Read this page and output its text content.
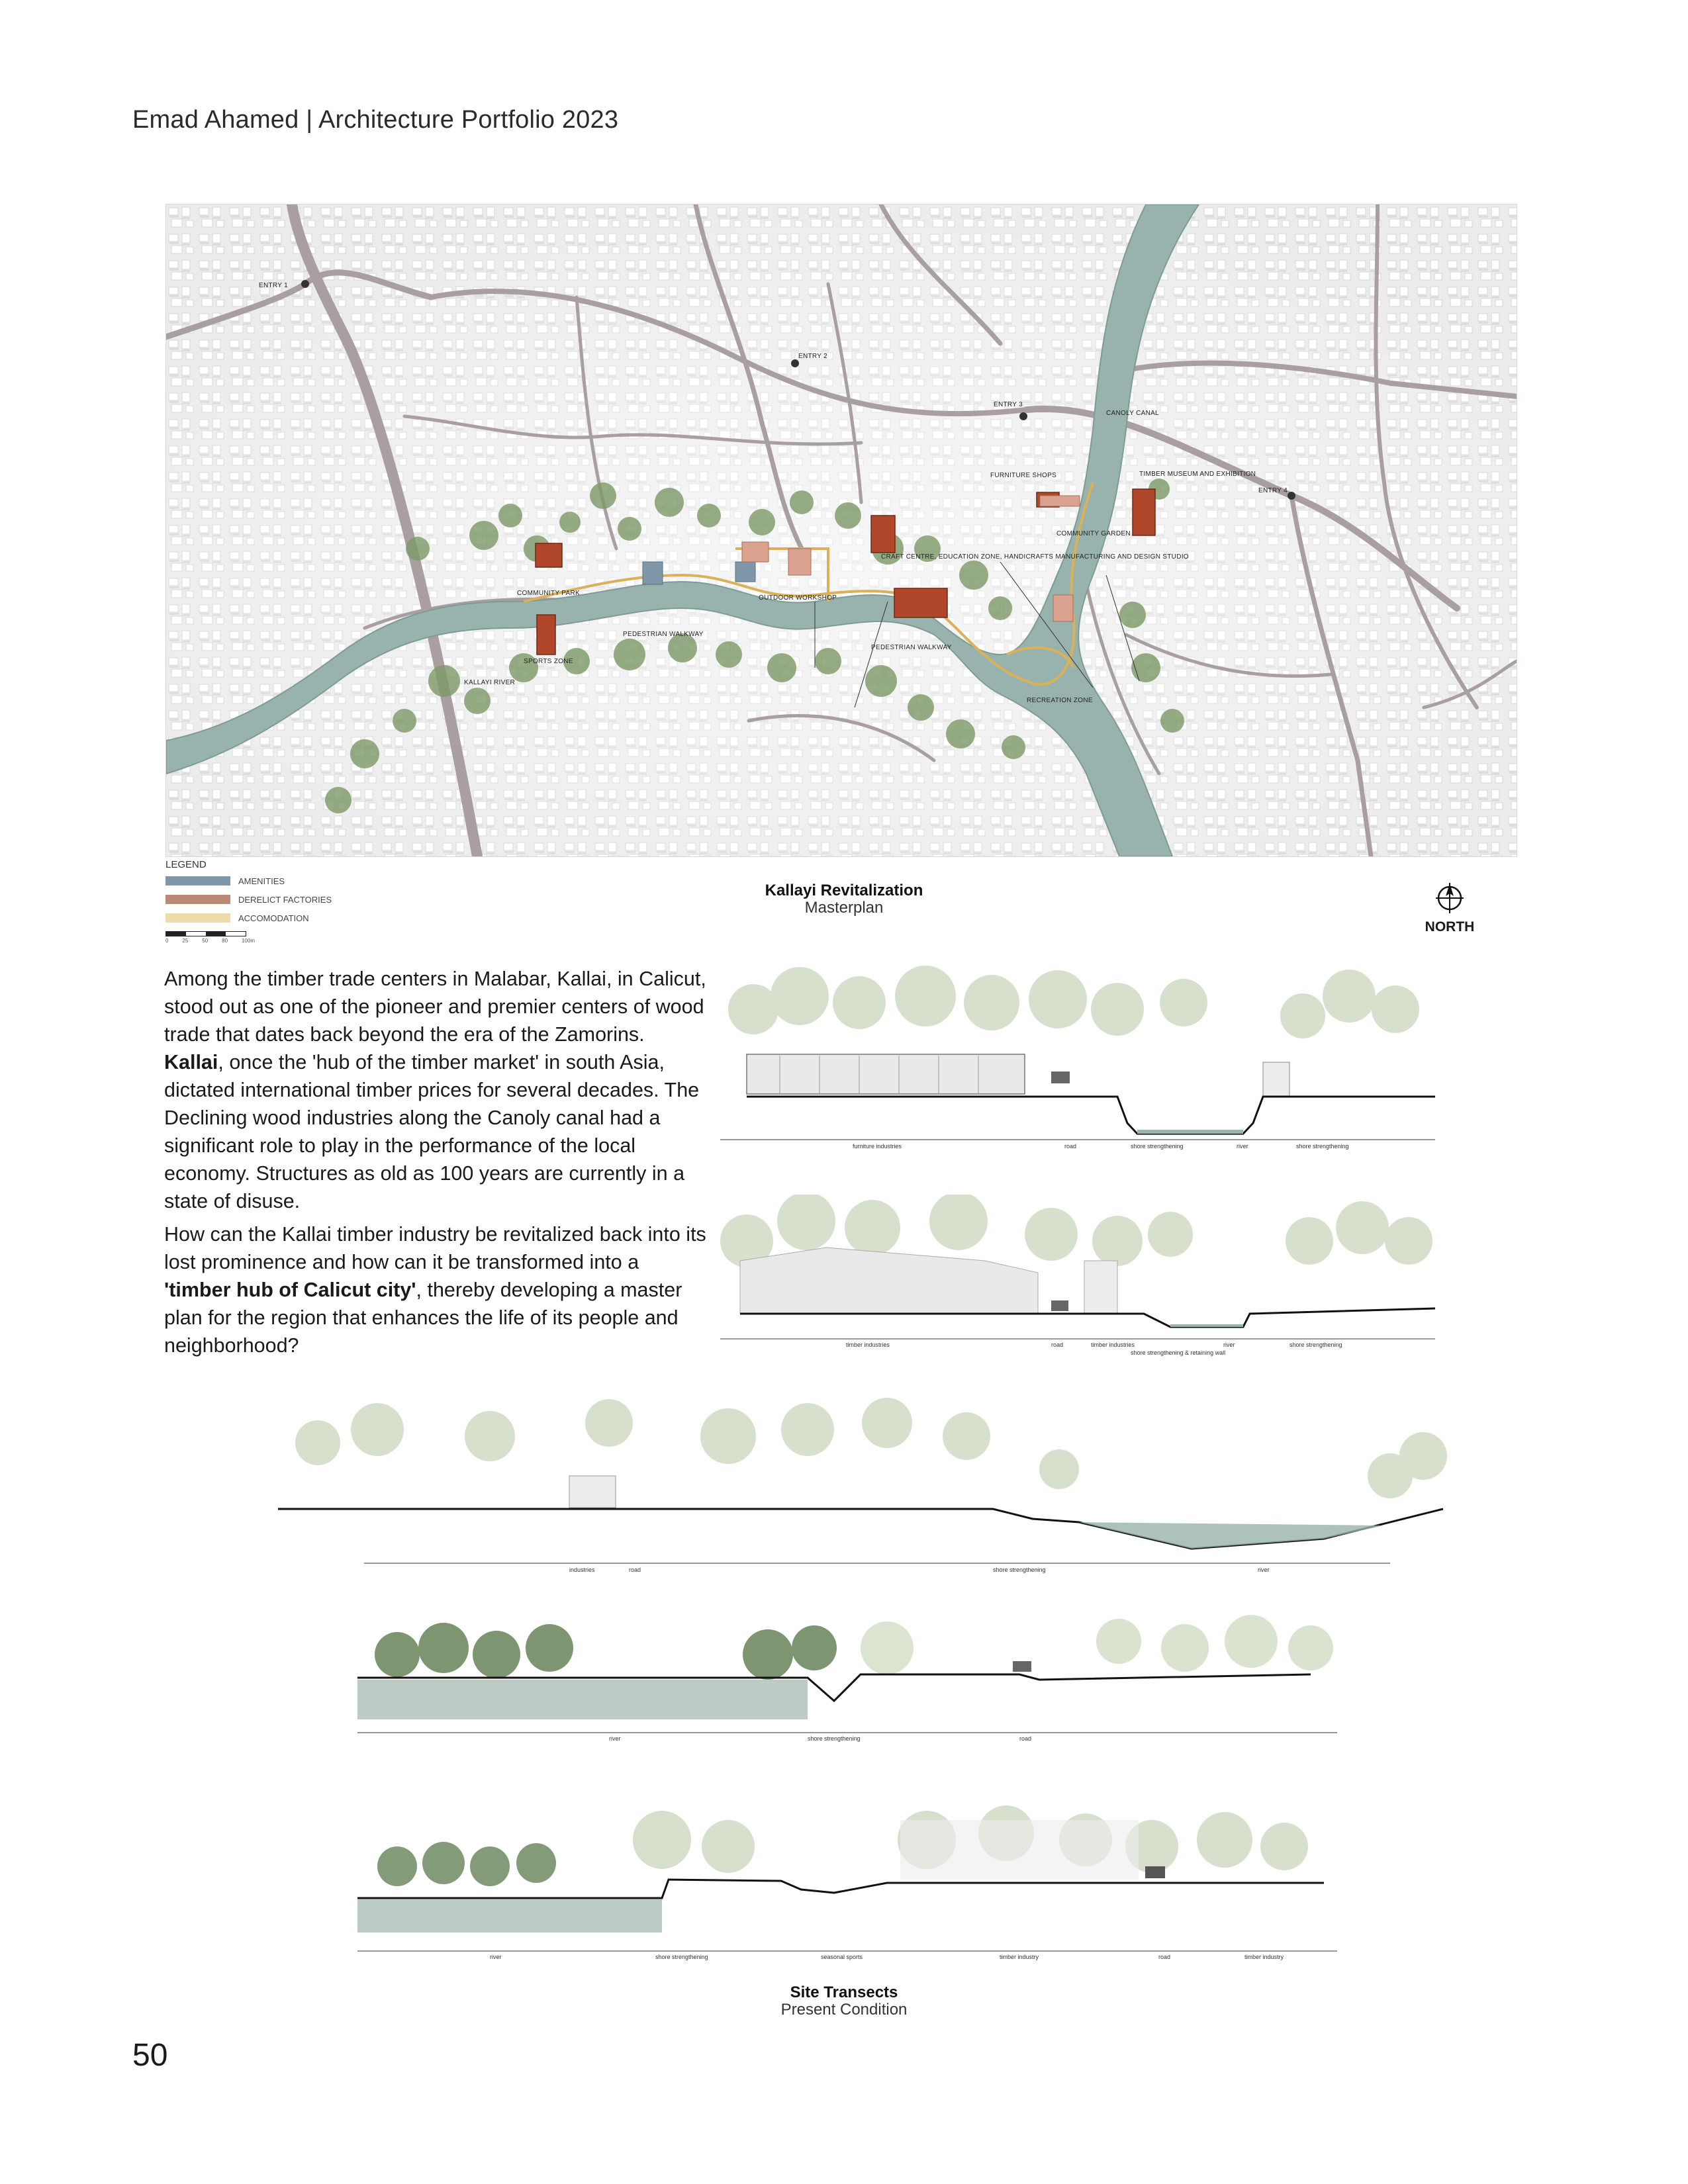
Emad Ahamed | Architecture Portfolio 2023
ENTRY 1
ENTRY 2
ENTRY 3
ENTRY 4
CANOLY CANAL
FURNITURE SHOPS	TIMBER MUSEUM AND EXHIBITION
COMMUNITY GARDEN
CRAFT CENTRE, EDUCATION ZONE, HANDICRAFTS MANUFACTURING AND DESIGN STUDIO
OUTDOOR WORKSHOP
COMMUNITY PARK
PEDESTRIAN WALKWAY
PEDESTRIAN WALKWAY
SPORTS ZONE
RECREATION ZONE
KALLAYI RIVER
LEGEND
AMENITIES
DERELICT FACTORIES
ACCOMODATION
0	25	50	80	100m
Kallayi Revitalization
Masterplan
NORTH

Among the timber trade centers in Malabar, Kallai, in Calicut, stood out as one of the pioneer and premier centers of wood trade that dates back beyond the era of the Zamorins. Kallai, once the 'hub of the timber market' in south Asia, dictated international timber prices for several decades. The Declining wood industries along the Canoly canal had a significant role to play in the performance of the local economy. Structures as old as 100 years are currently in a state of disuse.

How can the Kallai timber industry be revitalized back into its lost prominence and how can it be transformed into a 'timber hub of Calicut city', thereby developing a master plan for the region that enhances the life of its people and neighborhood?

furniture industries	road	river
shore strengthening	shore strengthening
timber industries	road	timber industries
shore strengthening & retaining wall
river	shore strengthening
industries	road	shore strengthening	river
river	shore strengthening	road
river	shore strengthening	seasonal sports	timber industry	road	timber industry
Site Transects
Present Condition
50
